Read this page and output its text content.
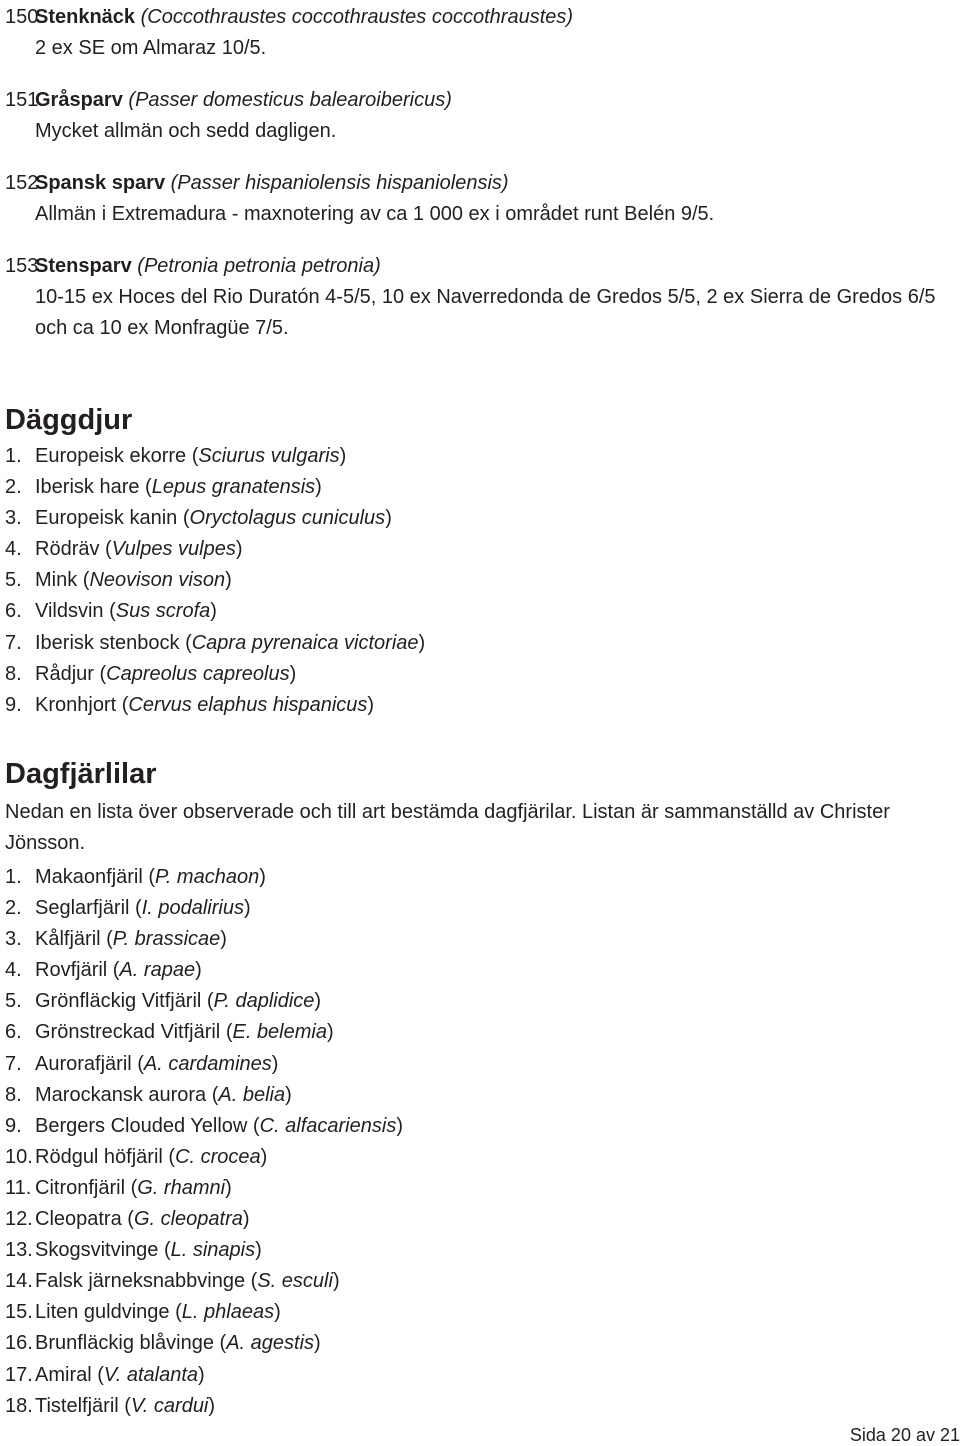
150.
Stenknäck (Coccothraustes coccothraustes coccothraustes)
2 ex SE om Almaraz 10/5.
151.
Gråsparv (Passer domesticus balearoibericus)
Mycket allmän och sedd dagligen.
152.
Spansk sparv (Passer hispaniolensis hispaniolensis)
Allmän i Extremadura - maxnotering av ca 1 000 ex i området runt Belén 9/5.
153.
Stensparv (Petronia petronia petronia)
10-15 ex Hoces del Rio Duratón 4-5/5, 10 ex Naverredonda de Gredos 5/5, 2 ex Sierra de Gredos 6/5 och ca 10 ex Monfragüe 7/5.
Däggdjur
1. Europeisk ekorre (Sciurus vulgaris)
2. Iberisk hare (Lepus granatensis)
3. Europeisk kanin (Oryctolagus cuniculus)
4. Rödräv (Vulpes vulpes)
5. Mink (Neovison vison)
6. Vildsvin (Sus scrofa)
7. Iberisk stenbock (Capra pyrenaica victoriae)
8. Rådjur (Capreolus capreolus)
9. Kronhjort (Cervus elaphus hispanicus)
Dagfjärlilar

Nedan en lista över observerade och till art bestämda dagfjärilar. Listan är sammanställd av Christer Jönsson.

1. Makaonfjäril (P. machaon)
2. Seglarfjäril (I. podalirius)
3. Kålfjäril (P. brassicae)
4. Rovfjäril (A. rapae)
5. Grönfläckig Vitfjäril (P. daplidice)
6. Grönstreckad Vitfjäril (E. belemia)
7. Aurorafjäril (A. cardamines)
8. Marockansk aurora (A. belia)
9. Bergers Clouded Yellow (C. alfacariensis)
10. Rödgul höfjäril (C. crocea)
11. Citronfjäril (G. rhamni)
12. Cleopatra (G. cleopatra)
13. Skogsvitvinge (L. sinapis)
14. Falsk järneksnabbvinge (S. esculi)
15. Liten guldvinge (L. phlaeas)
16. Brunfläckig blåvinge (A. agestis)
17. Amiral (V. atalanta)
18. Tistelfjäril (V. cardui)
Sida 20 av 21
